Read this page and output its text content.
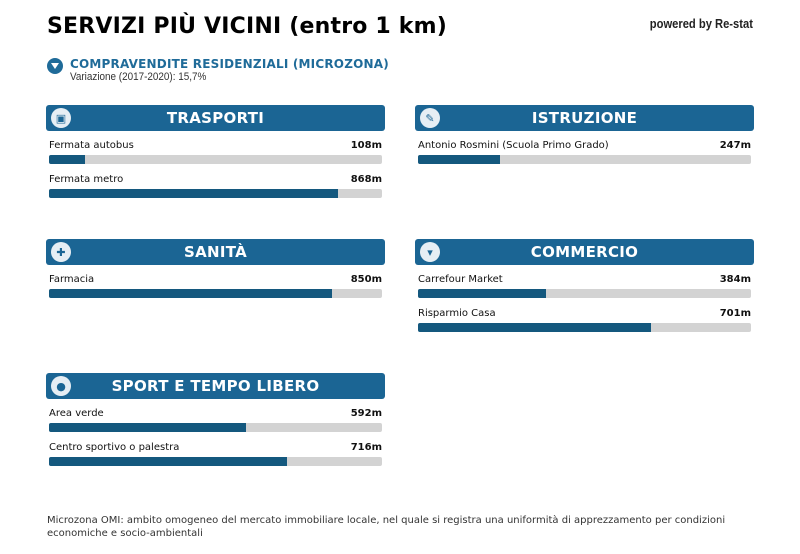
SERVIZI PIÙ VICINI (entro 1 km)	powered by Re-stat
COMPRAVENDITE RESIDENZIALI (MICROZONA)
Variazione (2017-2020): 15,7%
▣	TRASPORTI
Fermata autobus	108m
Fermata metro	868m
✎	ISTRUZIONE
Antonio Rosmini (Scuola Primo Grado)	247m
✚	SANITÀ
Farmacia	850m
▾	COMMERCIO
Carrefour Market	384m
Risparmio Casa	701m
●	SPORT E TEMPO LIBERO
Area verde	592m
Centro sportivo o palestra	716m
Microzona OMI: ambito omogeneo del mercato immobiliare locale, nel quale si registra una uniformità di apprezzamento per condizioni economiche e socio-ambientali
